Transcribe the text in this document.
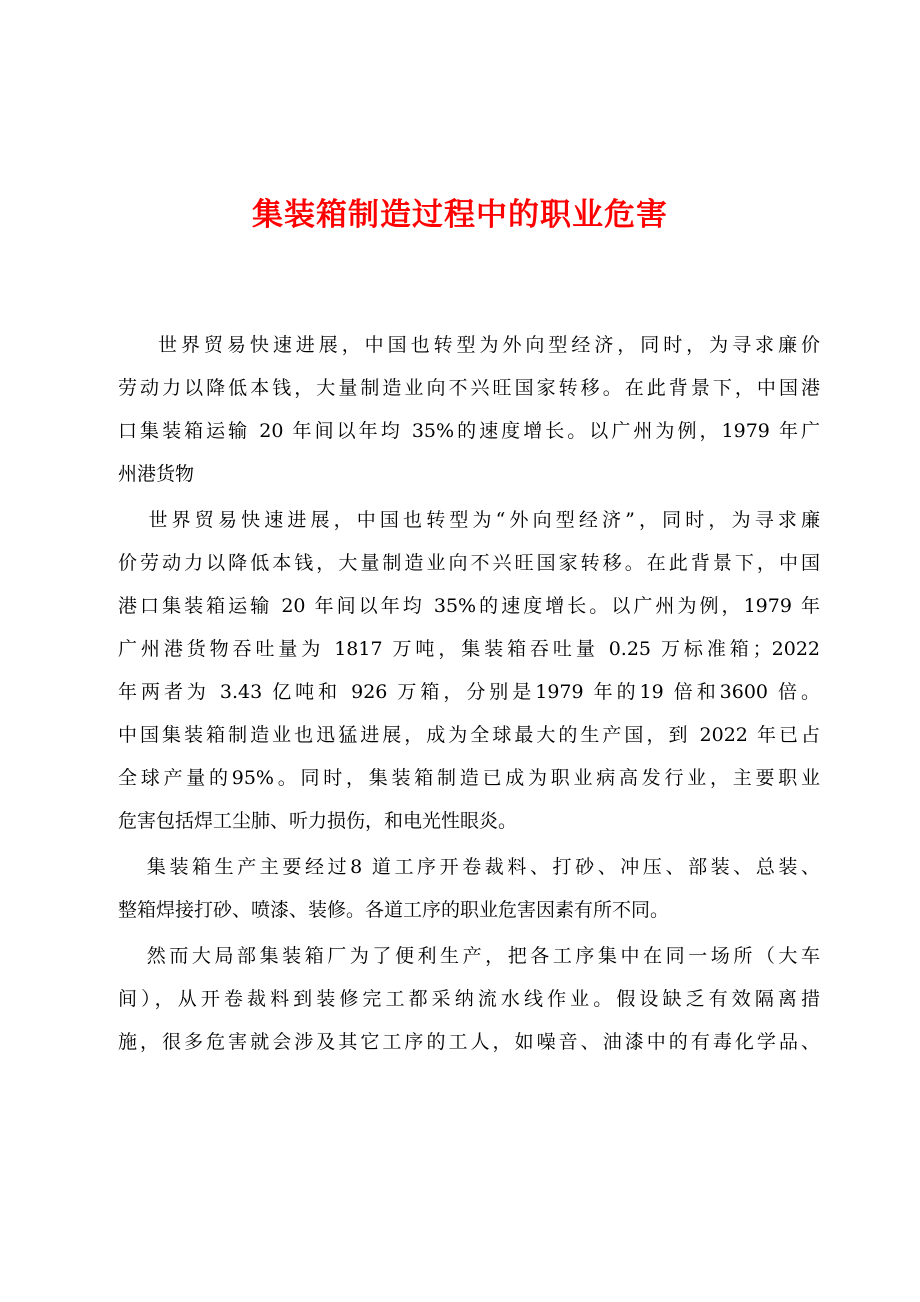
集装箱制造过程中的职业危害
世界贸易快速进展，中国也转型为外向型经济，同时，为寻求廉价
劳动力以降低本钱，大量制造业向不兴旺国家转移。在此背景下，中国港
口集装箱运输 20 年间以年均 35%的速度增长。以广州为例，1979 年广
州港货物
世界贸易快速进展，中国也转型为“外向型经济”，同时，为寻求廉
价劳动力以降低本钱，大量制造业向不兴旺国家转移。在此背景下，中国
港口集装箱运输 20 年间以年均 35%的速度增长。以广州为例，1979 年
广州港货物吞吐量为 1817 万吨，集装箱吞吐量 0.25 万标准箱；2022
年两者为 3.43 亿吨和 926 万箱，分别是1979 年的19 倍和3600 倍。
中国集装箱制造业也迅猛进展，成为全球最大的生产国，到 2022 年已占
全球产量的95%。同时，集装箱制造已成为职业病高发行业，主要职业
危害包括焊工尘肺、听力损伤，和电光性眼炎。
集装箱生产主要经过8 道工序开卷裁料、打砂、冲压、部装、总装、
整箱焊接打砂、喷漆、装修。各道工序的职业危害因素有所不同。
然而大局部集装箱厂为了便利生产，把各工序集中在同一场所（大车
间），从开卷裁料到装修完工都采纳流水线作业。假设缺乏有效隔离措
施，很多危害就会涉及其它工序的工人，如噪音、油漆中的有毒化学品、
